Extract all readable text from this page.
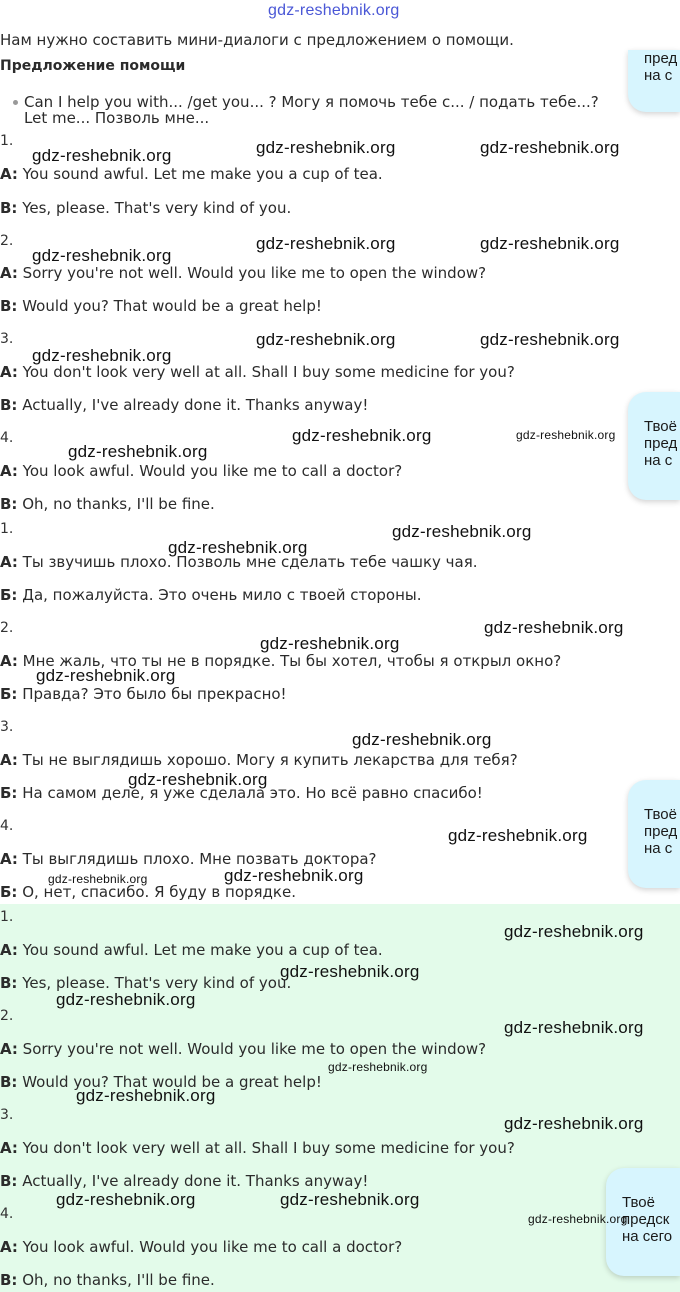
gdz-reshebnik.org
Нам нужно составить мини-диалоги с предложением о помощи.
Предложение помощи
Can I help you with... /get you... ? Могу я помочь тебе с... / подать тебе...?
Let me... Позволь мне...
1.
A: You sound awful. Let me make you a cup of tea.
B: Yes, please. That's very kind of you.
2.
A: Sorry you're not well. Would you like me to open the window?
B: Would you? That would be a great help!
3.
A: You don't look very well at all. Shall I buy some medicine for you?
B: Actually, I've already done it. Thanks anyway!
4.
A: You look awful. Would you like me to call a doctor?
B: Oh, no thanks, I'll be fine.
1.
A: Ты звучишь плохо. Позволь мне сделать тебе чашку чая.
Б: Да, пожалуйста. Это очень мило с твоей стороны.
2.
A: Мне жаль, что ты не в порядке. Ты бы хотел, чтобы я открыл окно?
Б: Правда? Это было бы прекрасно!
3.
A: Ты не выглядишь хорошо. Могу я купить лекарства для тебя?
Б: На самом деле, я уже сделала это. Но всё равно спасибо!
4.
A: Ты выглядишь плохо. Мне позвать доктора?
Б: О, нет, спасибо. Я буду в порядке.
1.
A: You sound awful. Let me make you a cup of tea.
B: Yes, please. That's very kind of you.
2.
A: Sorry you're not well. Would you like me to open the window?
B: Would you? That would be a great help!
3.
A: You don't look very well at all. Shall I buy some medicine for you?
B: Actually, I've already done it. Thanks anyway!
4.
A: You look awful. Would you like me to call a doctor?
B: Oh, no thanks, I'll be fine.
пред
на с
Твоё
пред
на с
Твоё
пред
на с
Твоё
предск
на сего
gdz-reshebnik.org	gdz-reshebnik.org	gdz-reshebnik.org
gdz-reshebnik.org
gdz-reshebnik.org	gdz-reshebnik.org
gdz-reshebnik.org
gdz-reshebnik.org	gdz-reshebnik.org
gdz-reshebnik.org
gdz-reshebnik.org	gdz-reshebnik.org
gdz-reshebnik.org
gdz-reshebnik.org
gdz-reshebnik.org
gdz-reshebnik.org
gdz-reshebnik.org
gdz-reshebnik.org
gdz-reshebnik.org
gdz-reshebnik.org
gdz-reshebnik.org	gdz-reshebnik.org
gdz-reshebnik.org
gdz-reshebnik.org
gdz-reshebnik.org
gdz-reshebnik.org
gdz-reshebnik.org
gdz-reshebnik.org
gdz-reshebnik.org
gdz-reshebnik.org	gdz-reshebnik.org
gdz-reshebnik.org
